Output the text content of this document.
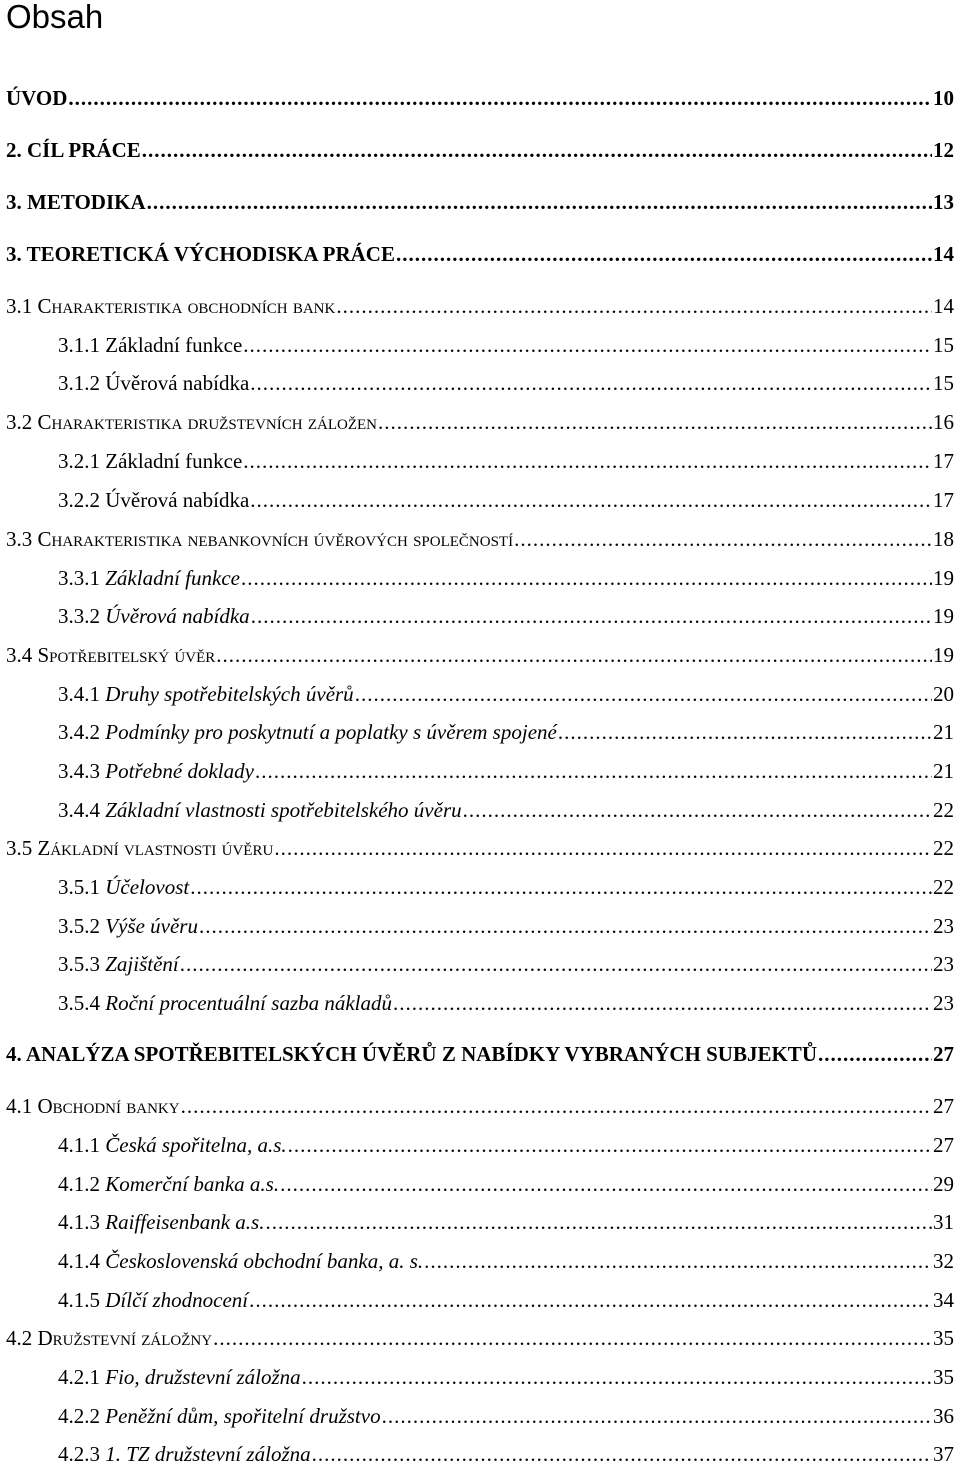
Obsah
ÚVOD .....	10
2. CÍL PRÁCE .....	12
3. METODIKA .....	13
3. TEORETICKÁ VÝCHODISKA PRÁCE .....	14
3.1 Charakteristika obchodních bank .....	14
3.1.1 Základní funkce .....	15
3.1.2 Úvěrová nabídka .....	15
3.2 Charakteristika družstevních záložen .....	16
3.2.1 Základní funkce .....	17
3.2.2 Úvěrová nabídka .....	17
3.3 Charakteristika nebankovních úvěrových společností .....	18
3.3.1 Základní funkce .....	19
3.3.2 Úvěrová nabídka .....	19
3.4 Spotřebitelský úvěr .....	19
3.4.1 Druhy spotřebitelských úvěrů .....	20
3.4.2 Podmínky pro poskytnutí a poplatky s úvěrem spojené .....	21
3.4.3 Potřebné doklady .....	21
3.4.4 Základní vlastnosti spotřebitelského úvěru .....	22
3.5 Základní vlastnosti úvěru .....	22
3.5.1 Účelovost .....	22
3.5.2 Výše úvěru .....	23
3.5.3 Zajištění .....	23
3.5.4 Roční procentuální sazba nákladů .....	23
4. ANALÝZA SPOTŘEBITELSKÝCH ÚVĚRŮ Z NABÍDKY VYBRANÝCH SUBJEKTŮ .....	27
4.1 Obchodní banky .....	27
4.1.1 Česká spořitelna, a.s. .....	27
4.1.2 Komerční banka a.s. .....	29
4.1.3 Raiffeisenbank a.s. .....	31
4.1.4 Československá obchodní banka, a. s. .....	32
4.1.5 Dílčí zhodnocení .....	34
4.2 Družstevní záložny .....	35
4.2.1 Fio, družstevní záložna .....	35
4.2.2 Peněžní dům, spořitelní družstvo .....	36
4.2.3 1. TZ družstevní záložna .....	37
